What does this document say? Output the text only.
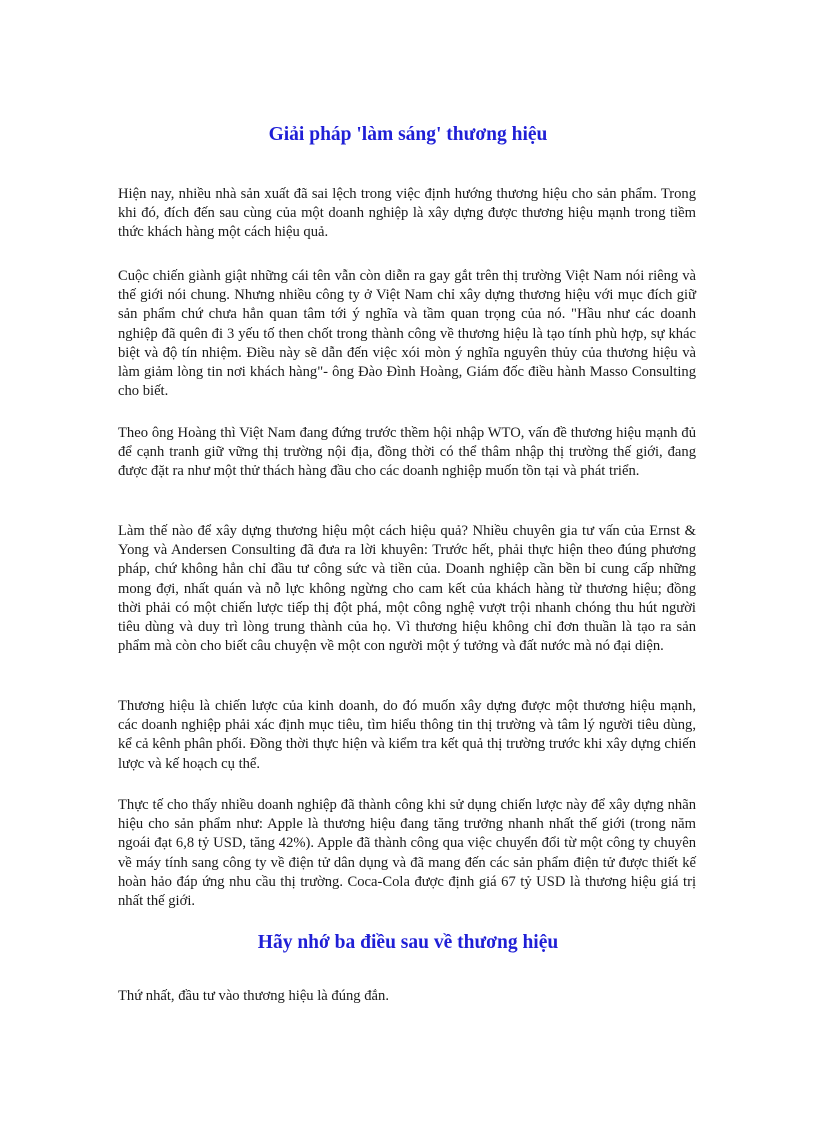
Giải pháp 'làm sáng' thương hiệu

Hiện nay, nhiều nhà sản xuất đã sai lệch trong việc định hướng thương hiệu cho sản phẩm. Trong khi đó, đích đến sau cùng của một doanh nghiệp là xây dựng được thương hiệu mạnh trong tiềm thức khách hàng một cách hiệu quả.

Cuộc chiến giành giật những cái tên vẫn còn diễn ra gay gắt trên thị trường Việt Nam nói riêng và thế giới nói chung. Nhưng nhiều công ty ở Việt Nam chỉ xây dựng thương hiệu với mục đích giữ sản phẩm chứ chưa hẳn quan tâm tới ý nghĩa và tầm quan trọng của nó. "Hầu như các doanh nghiệp đã quên đi 3 yếu tố then chốt trong thành công về thương hiệu là tạo tính phù hợp, sự khác biệt và độ tín nhiệm. Điều này sẽ dẫn đến việc xói mòn ý nghĩa nguyên thủy của thương hiệu và làm giảm lòng tin nơi khách hàng"- ông Đào Đình Hoàng, Giám đốc điều hành Masso Consulting cho biết.

Theo ông Hoàng thì Việt Nam đang đứng trước thềm hội nhập WTO, vấn đề thương hiệu mạnh đủ để cạnh tranh giữ vững thị trường nội địa, đồng thời có thể thâm nhập thị trường thế giới, đang được đặt ra như một thử thách hàng đầu cho các doanh nghiệp muốn tồn tại và phát triển.

Làm thế nào để xây dựng thương hiệu một cách hiệu quả? Nhiều chuyên gia tư vấn của Ernst & Yong và Andersen Consulting đã đưa ra lời khuyên: Trước hết, phải thực hiện theo đúng phương pháp, chứ không hẳn chỉ đầu tư công sức và tiền của. Doanh nghiệp cần bền bỉ cung cấp những mong đợi, nhất quán và nỗ lực không ngừng cho cam kết của khách hàng từ thương hiệu; đồng thời phải có một chiến lược tiếp thị đột phá, một công nghệ vượt trội nhanh chóng thu hút người tiêu dùng và duy trì lòng trung thành của họ. Vì thương hiệu không chỉ đơn thuần là tạo ra sản phẩm mà còn cho biết câu chuyện về một con người một ý tưởng và đất nước mà nó đại diện.

Thương hiệu là chiến lược của kinh doanh, do đó muốn xây dựng được một thương hiệu mạnh, các doanh nghiệp phải xác định mục tiêu, tìm hiểu thông tin thị trường và tâm lý người tiêu dùng, kể cả kênh phân phối. Đồng thời thực hiện và kiểm tra kết quả thị trường trước khi xây dựng chiến lược và kế hoạch cụ thể.

Thực tế cho thấy nhiều doanh nghiệp đã thành công khi sử dụng chiến lược này để xây dựng nhãn hiệu cho sản phẩm như: Apple là thương hiệu đang tăng trưởng nhanh nhất thế giới (trong năm ngoái đạt 6,8 tỷ USD, tăng 42%). Apple đã thành công qua việc chuyển đổi từ một công ty chuyên về máy tính sang công ty về điện tử dân dụng và đã mang đến các sản phẩm điện tử được thiết kế hoàn hảo đáp ứng nhu cầu thị trường. Coca-Cola được định giá 67 tỷ USD là thương hiệu giá trị nhất thế giới.

Hãy nhớ ba điều sau về thương hiệu

Thứ nhất, đầu tư vào thương hiệu là đúng đắn.
